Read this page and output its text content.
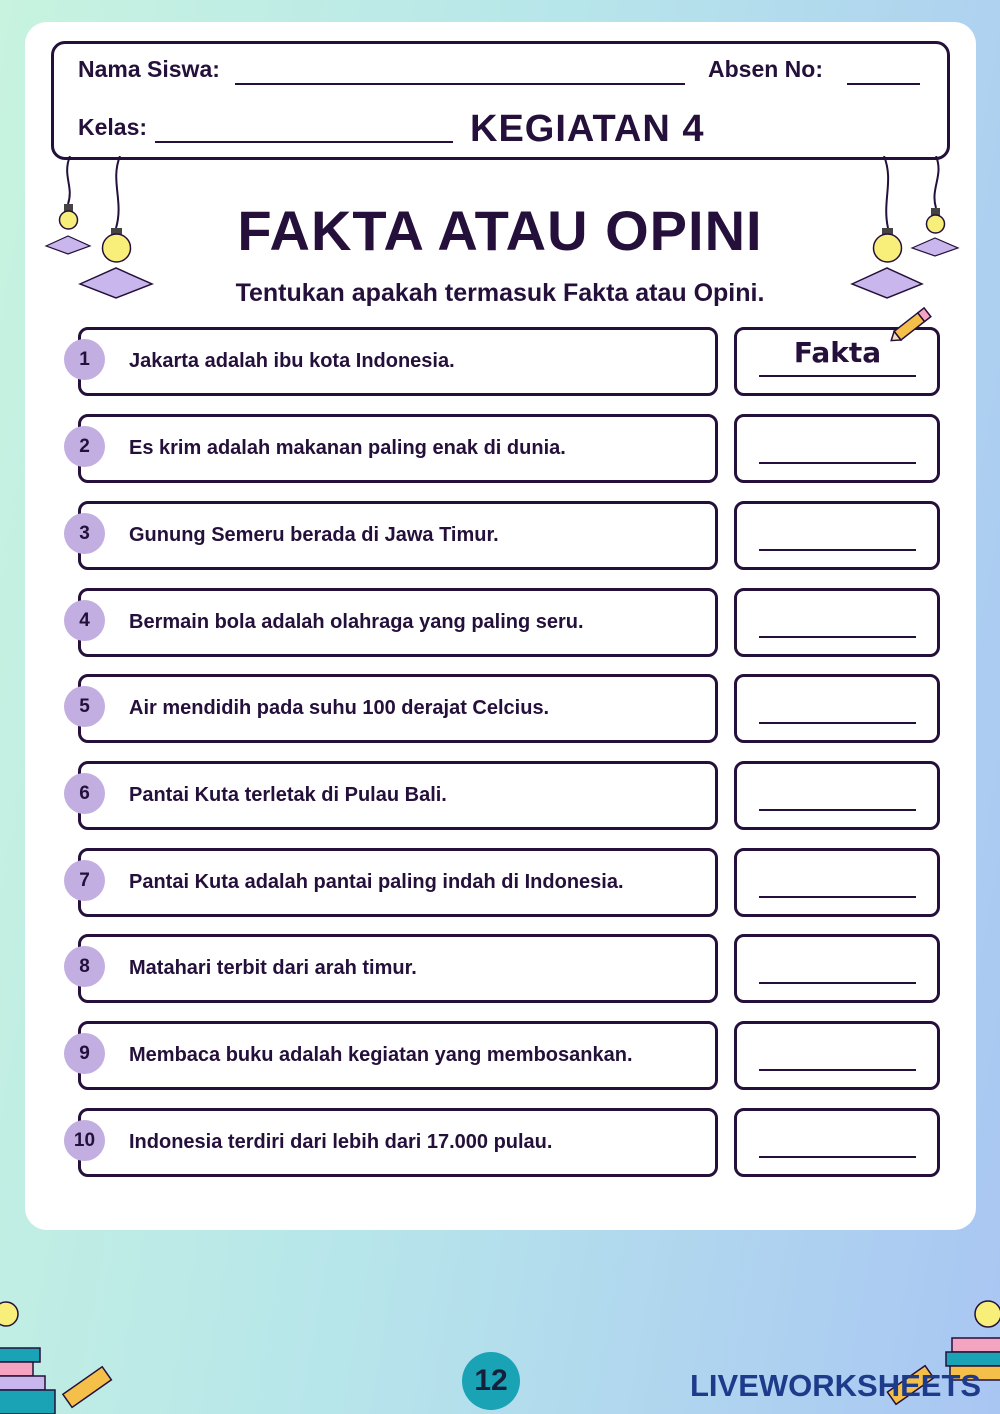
Nama Siswa:	Absen No:
Kelas:	KEGIATAN 4
FAKTA ATAU OPINI
Tentukan apakah termasuk Fakta atau Opini.
Jakarta adalah ibu kota Indonesia.
1	Fakta
Es krim adalah makanan paling enak di dunia.
2
Gunung Semeru berada di Jawa Timur.
3
Bermain bola adalah olahraga yang paling seru.
4
Air mendidih pada suhu 100 derajat Celcius.
5
Pantai Kuta terletak di Pulau Bali.
6
Pantai Kuta adalah pantai paling indah di Indonesia.
7
Matahari terbit dari arah timur.
8
Membaca buku adalah kegiatan yang membosankan.
9
Indonesia terdiri dari lebih dari 17.000 pulau.
10
12	LIVEWORKSHEETS
